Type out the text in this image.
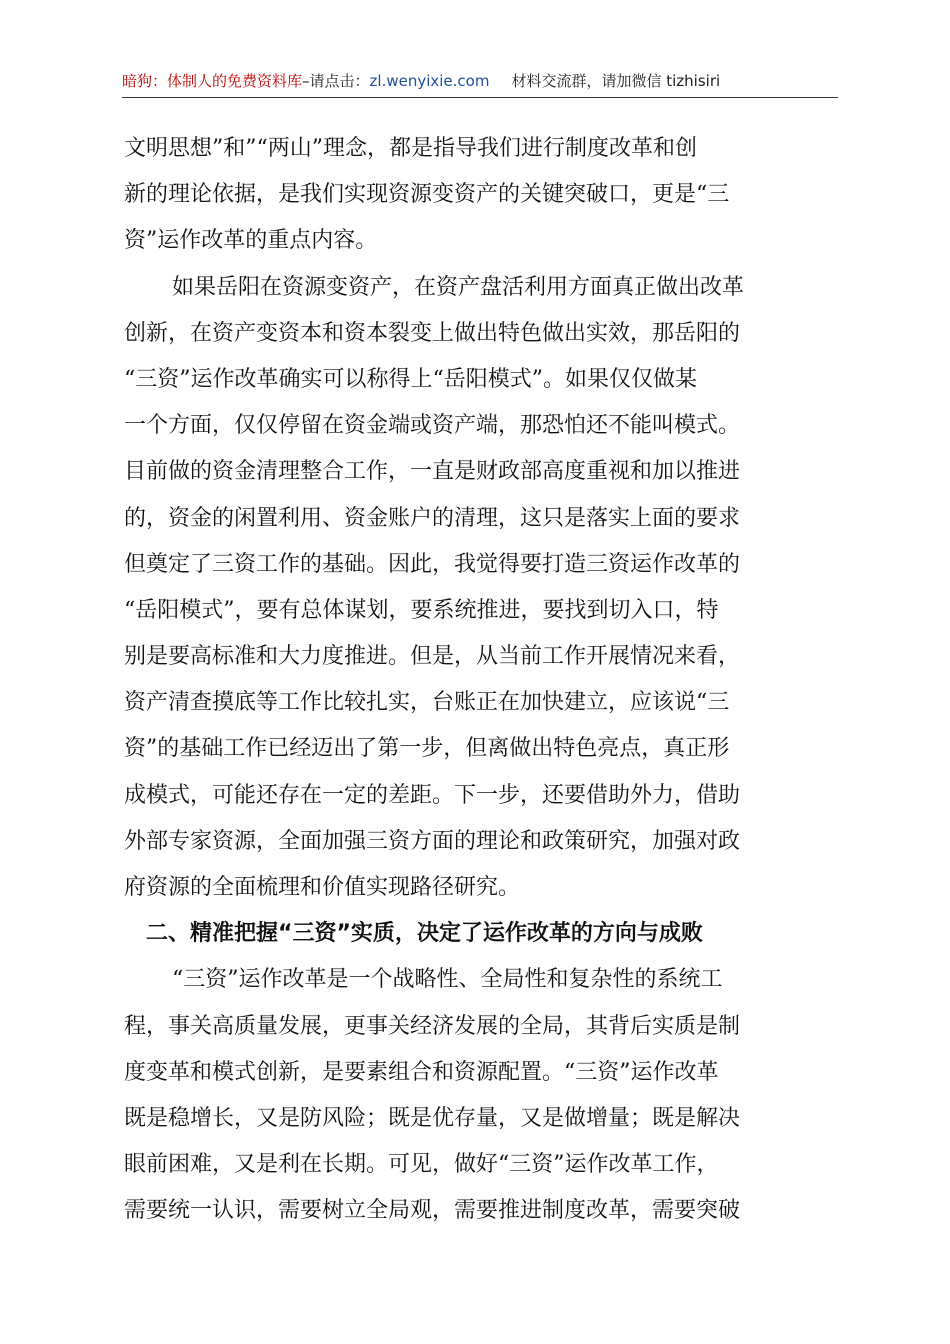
暗狗：体制人的免费资料库–请点击：zl.wenyixie.com 材料交流群，请加微信 tizhisiri
文明思想”和”“两山”理念，都是指导我们进行制度改革和创
新的理论依据，是我们实现资源变资产的关键突破口，更是“三
资”运作改革的重点内容。
如果岳阳在资源变资产，在资产盘活利用方面真正做出改革
创新，在资产变资本和资本裂变上做出特色做出实效，那岳阳的
“三资”运作改革确实可以称得上“岳阳模式”。如果仅仅做某
一个方面，仅仅停留在资金端或资产端，那恐怕还不能叫模式。
目前做的资金清理整合工作，一直是财政部高度重视和加以推进
的，资金的闲置利用、资金账户的清理，这只是落实上面的要求
但奠定了三资工作的基础。因此，我觉得要打造三资运作改革的
“岳阳模式”，要有总体谋划，要系统推进，要找到切入口，特
别是要高标准和大力度推进。但是，从当前工作开展情况来看，
资产清查摸底等工作比较扎实，台账正在加快建立，应该说“三
资”的基础工作已经迈出了第一步，但离做出特色亮点，真正形
成模式，可能还存在一定的差距。下一步，还要借助外力，借助
外部专家资源，全面加强三资方面的理论和政策研究，加强对政
府资源的全面梳理和价值实现路径研究。
二、精准把握“三资”实质，决定了运作改革的方向与成败
“三资”运作改革是一个战略性、全局性和复杂性的系统工
程，事关高质量发展，更事关经济发展的全局，其背后实质是制
度变革和模式创新，是要素组合和资源配置。“三资”运作改革
既是稳增长，又是防风险；既是优存量，又是做增量；既是解决
眼前困难，又是利在长期。可见，做好“三资”运作改革工作，
需要统一认识，需要树立全局观，需要推进制度改革，需要突破
